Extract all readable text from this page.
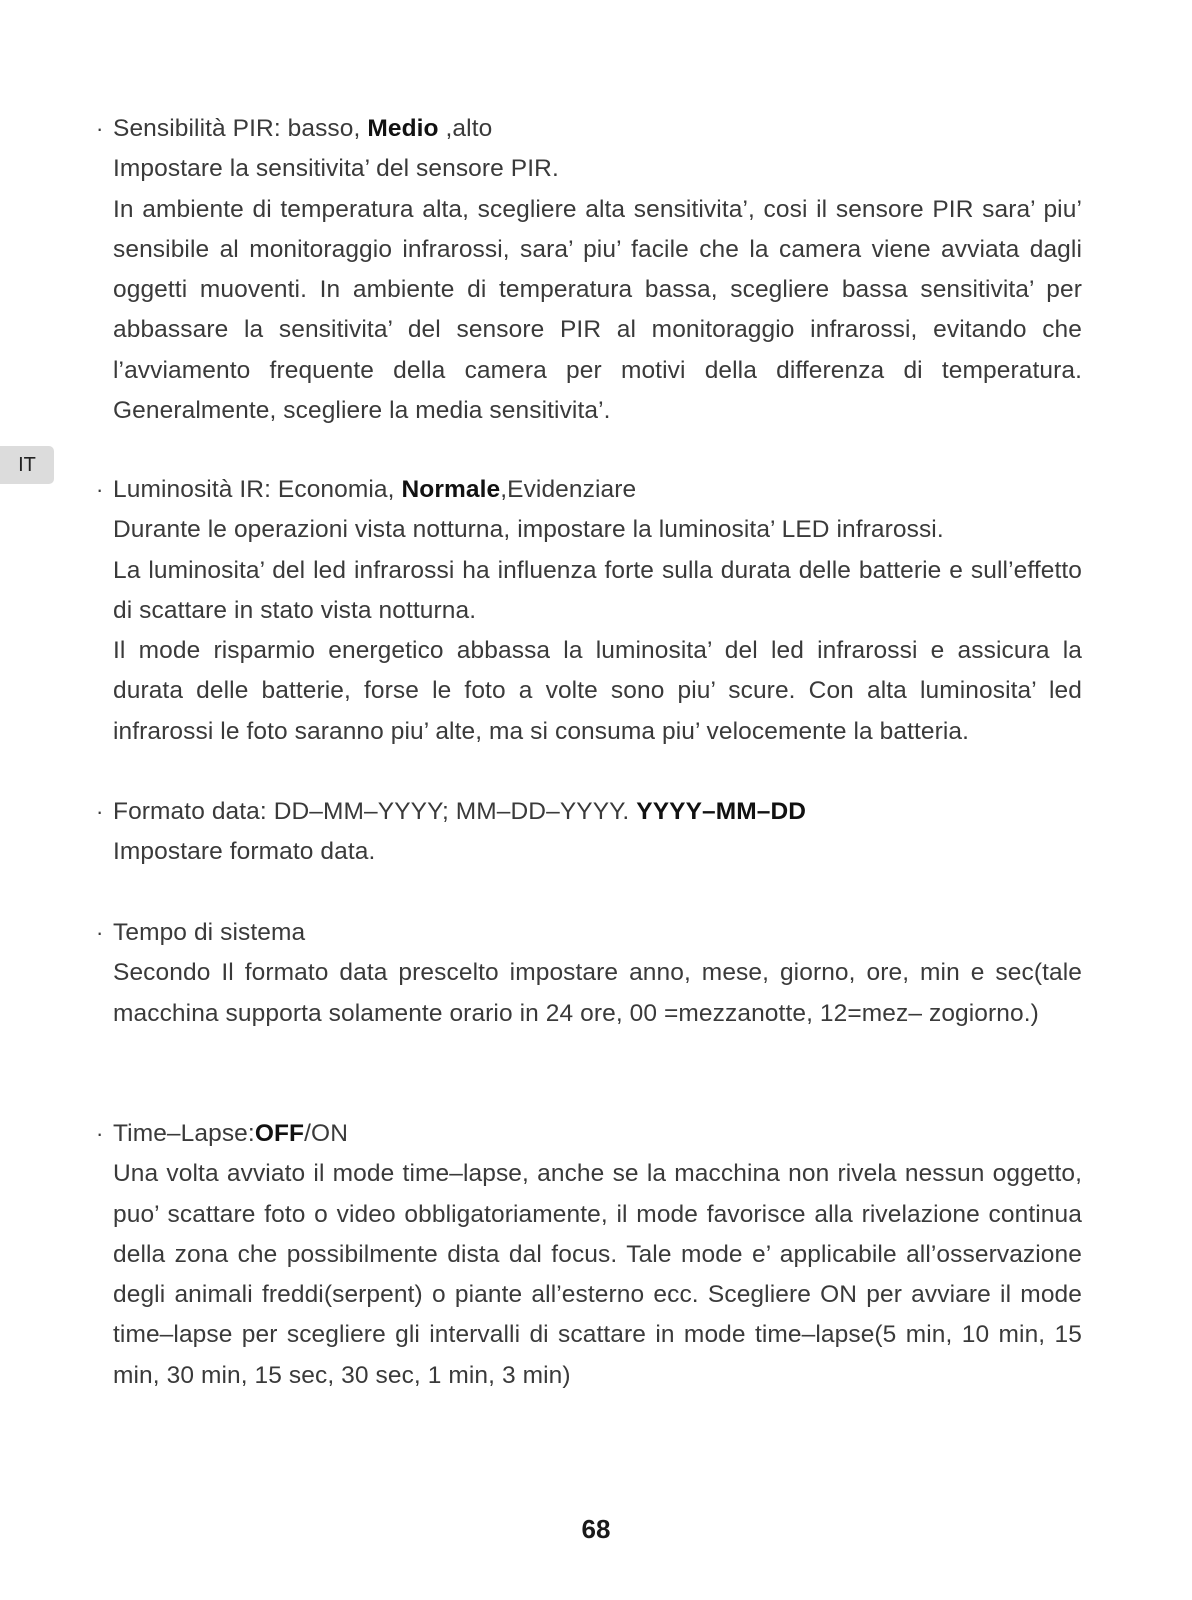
IT
· Sensibilità PIR: basso, Medio ,alto

Impostare la sensitivita’ del sensore PIR.

In ambiente di temperatura alta, scegliere alta sensitivita’, cosi il sensore PIR sara’ piu’ sensibile al monitoraggio infrarossi, sara’ piu’ facile che la camera viene avviata dagli oggetti muoventi. In ambiente di temperatura bassa, scegliere bassa sensitivita’ per abbassare la sensitivita’ del sensore PIR al monitoraggio infrarossi, evitando che l’avviamento frequente della camera per motivi della differenza di temperatura. Generalmente, scegliere la media sensitivita’.

· Luminosità IR: Economia, Normale,Evidenziare

Durante le operazioni vista notturna, impostare la luminosita’ LED infrarossi.

La luminosita’ del led infrarossi ha influenza forte sulla durata delle batterie e sull’effetto di scattare in stato vista notturna.

Il mode risparmio energetico abbassa la luminosita’ del led infrarossi e assicura la durata delle batterie, forse le foto a volte sono piu’ scure. Con alta luminosita’ led infrarossi le foto saranno piu’ alte, ma si consuma piu’ velocemente la batteria.

· Formato data: DD–MM–YYYY; MM–DD–YYYY. YYYY–MM–DD

Impostare formato data.

· Tempo di sistema

Secondo Il formato data prescelto impostare anno, mese, giorno, ore, min e sec(tale macchina supporta solamente orario in 24 ore, 00 =mezzanotte, 12=mez– zogiorno.)

· Time–Lapse:OFF/ON

Una volta avviato il mode time–lapse, anche se la macchina non rivela nessun oggetto, puo’ scattare foto o video obbligatoriamente, il mode favorisce alla rivelazione continua della zona che possibilmente dista dal focus. Tale mode e’ applicabile all’osservazione degli animali freddi(serpent) o piante all’esterno ecc. Scegliere ON per avviare il mode time–lapse per scegliere gli intervalli di scattare in mode time–lapse(5 min, 10 min, 15 min, 30 min, 15 sec, 30 sec, 1 min, 3 min)

68
